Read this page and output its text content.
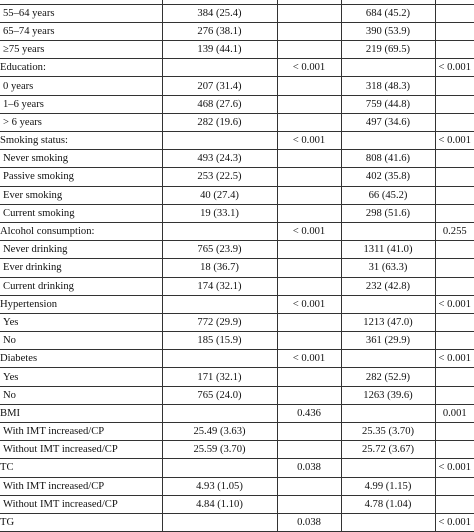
55–64 years	384 (25.4)		684 (45.2)	
65–74 years	276 (38.1)		390 (53.9)	
≥75 years	139 (44.1)		219 (69.5)	
Education:		< 0.001		< 0.001
0 years	207 (31.4)		318 (48.3)	
1–6 years	468 (27.6)		759 (44.8)	
> 6 years	282 (19.6)		497 (34.6)	
Smoking status:		< 0.001		< 0.001
Never smoking	493 (24.3)		808 (41.6)	
Passive smoking	253 (22.5)		402 (35.8)	
Ever smoking	40 (27.4)		66 (45.2)	
Current smoking	19 (33.1)		298 (51.6)	
Alcohol consumption:		< 0.001		0.255
Never drinking	765 (23.9)		1311 (41.0)	
Ever drinking	18 (36.7)		31 (63.3)	
Current drinking	174 (32.1)		232 (42.8)	
Hypertension		< 0.001		< 0.001
Yes	772 (29.9)		1213 (47.0)	
No	185 (15.9)		361 (29.9)	
Diabetes		< 0.001		< 0.001
Yes	171 (32.1)		282 (52.9)	
No	765 (24.0)		1263 (39.6)	
BMI		0.436		0.001
With IMT increased/CP	25.49 (3.63)		25.35 (3.70)	
Without IMT increased/CP	25.59 (3.70)		25.72 (3.67)	
TC		0.038		< 0.001
With IMT increased/CP	4.93 (1.05)		4.99 (1.15)	
Without IMT increased/CP	4.84 (1.10)		4.78 (1.04)	
TG		0.038		< 0.001
